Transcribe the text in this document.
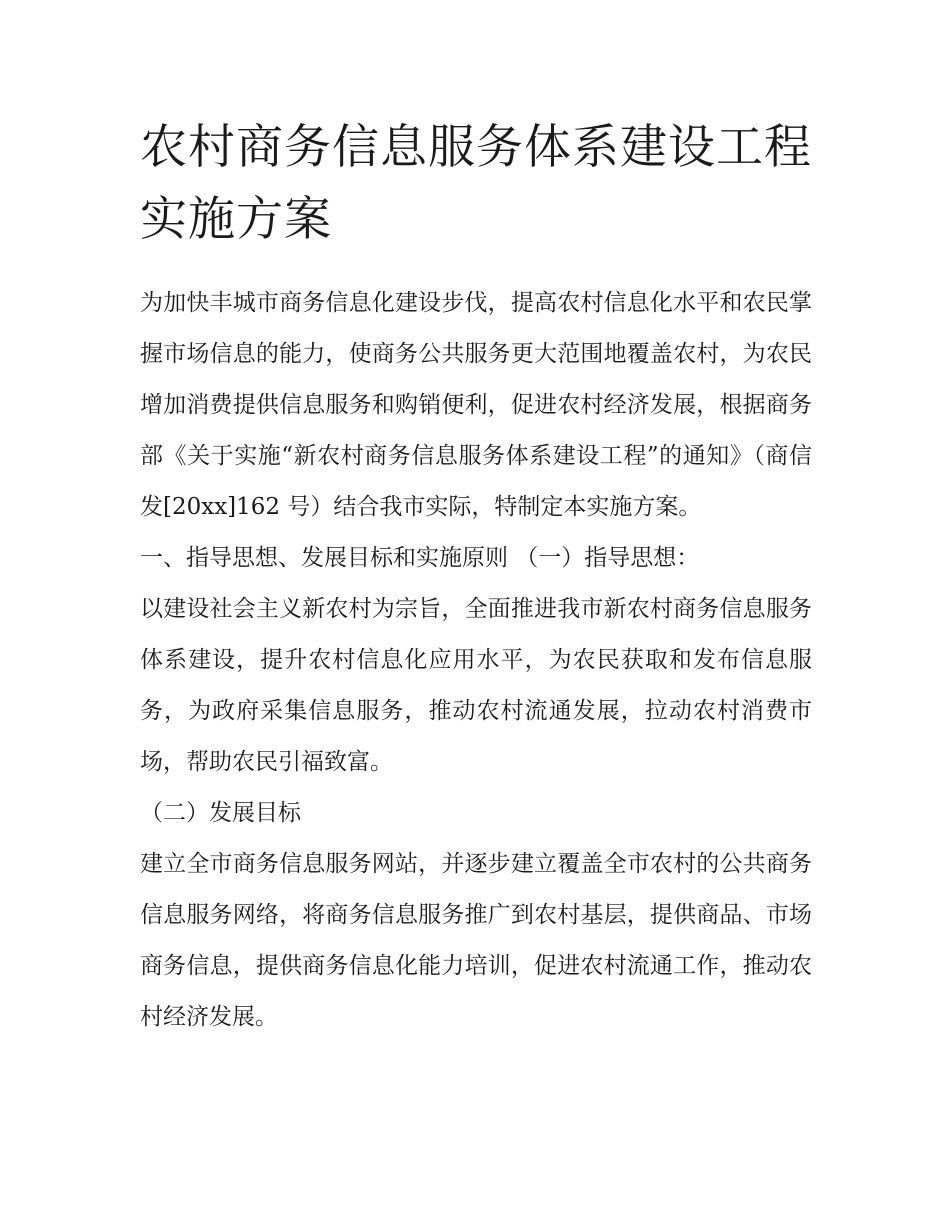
农村商务信息服务体系建设工程实施方案

为加快丰城市商务信息化建设步伐，提高农村信息化水平和农民掌握市场信息的能力，使商务公共服务更大范围地覆盖农村，为农民增加消费提供信息服务和购销便利，促进农村经济发展，根据商务部《关于实施“新农村商务信息服务体系建设工程”的通知》（商信发[20xx]162 号）结合我市实际，特制定本实施方案。

一、指导思想、发展目标和实施原则 （一）指导思想：

以建设社会主义新农村为宗旨，全面推进我市新农村商务信息服务体系建设，提升农村信息化应用水平，为农民获取和发布信息服务，为政府采集信息服务，推动农村流通发展，拉动农村消费市场，帮助农民引福致富。

（二）发展目标

建立全市商务信息服务网站，并逐步建立覆盖全市农村的公共商务信息服务网络，将商务信息服务推广到农村基层，提供商品、市场商务信息，提供商务信息化能力培训，促进农村流通工作，推动农村经济发展。
